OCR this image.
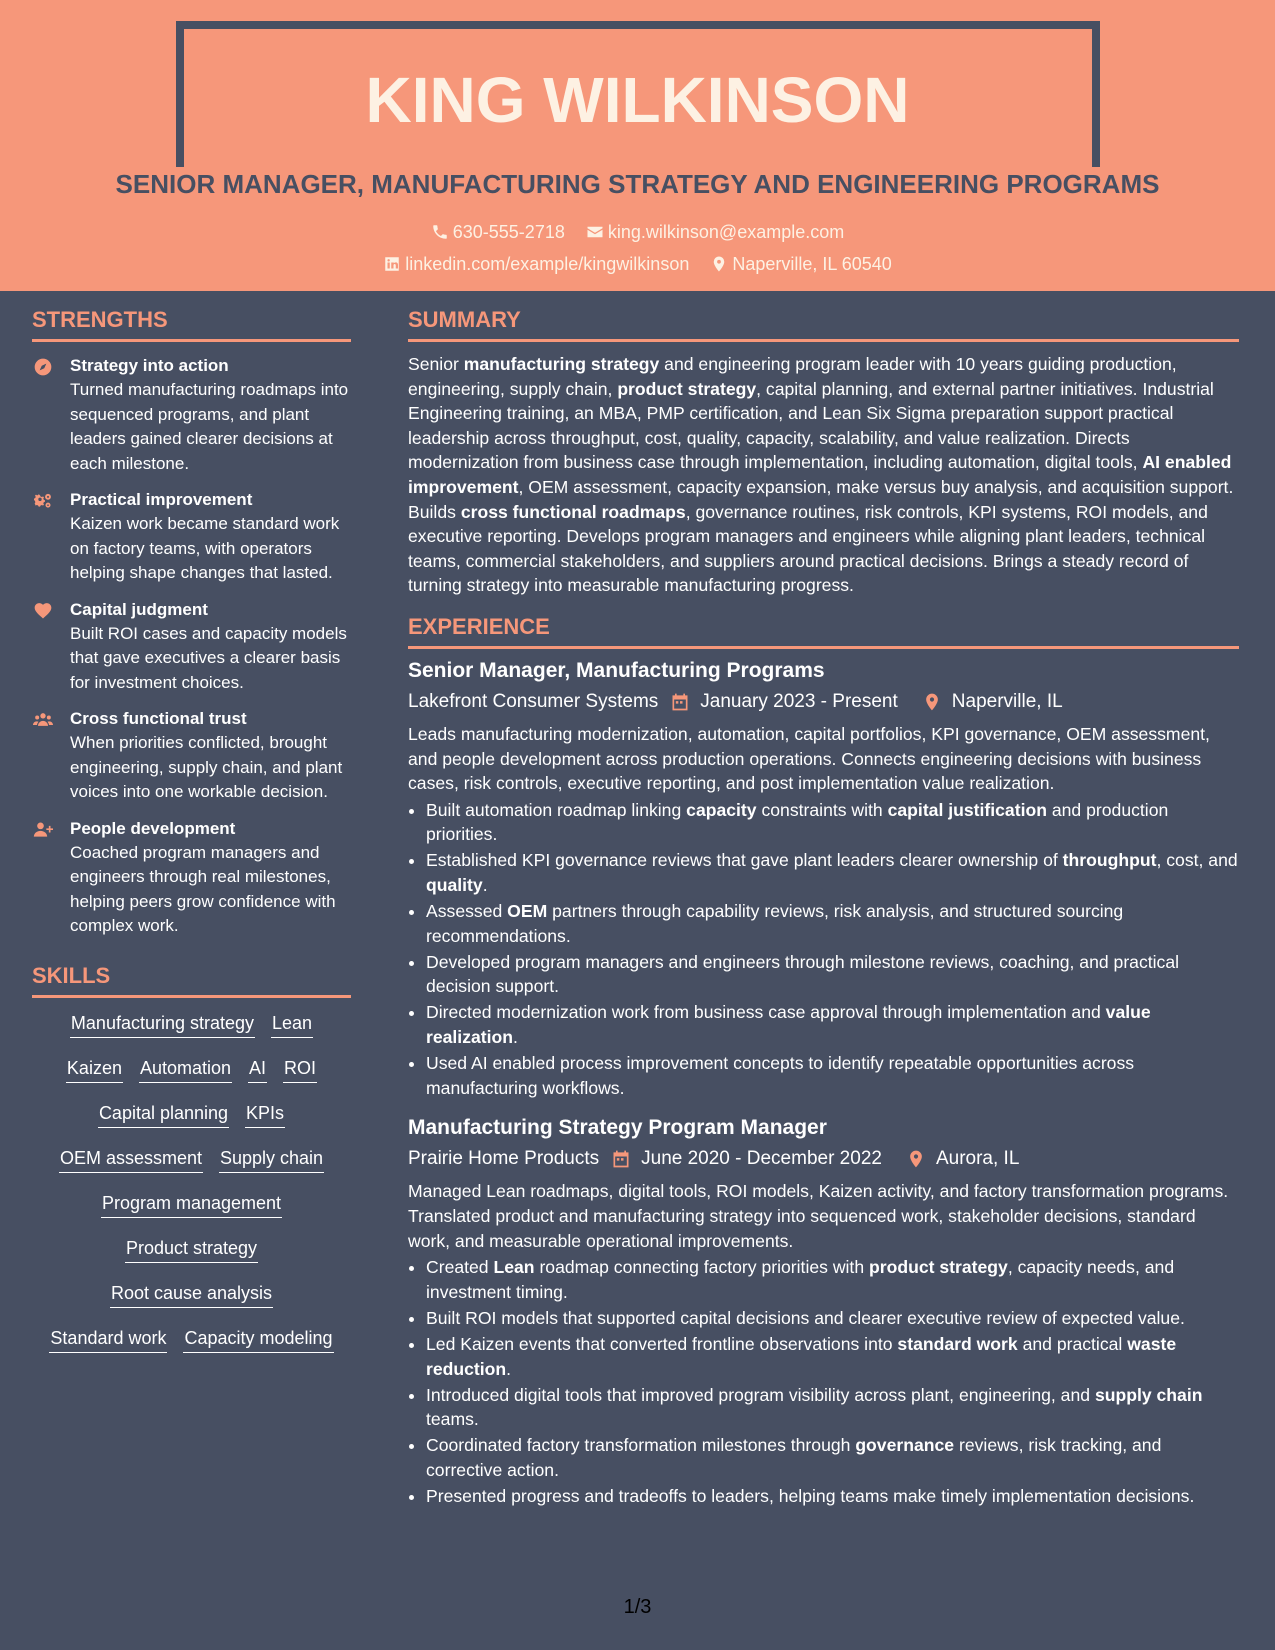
KING WILKINSON
SENIOR MANAGER, MANUFACTURING STRATEGY AND ENGINEERING PROGRAMS
630-555-2718
king.wilkinson@example.com
linkedin.com/example/kingwilkinson
Naperville, IL 60540
STRENGTHS
Strategy into action
Turned manufacturing roadmaps into sequenced programs, and plant leaders gained clearer decisions at each milestone.
Practical improvement
Kaizen work became standard work on factory teams, with operators helping shape changes that lasted.
Capital judgment
Built ROI cases and capacity models that gave executives a clearer basis for investment choices.
Cross functional trust
When priorities conflicted, brought engineering, supply chain, and plant voices into one workable decision.
People development
Coached program managers and engineers through real milestones, helping peers grow confidence with complex work.
SKILLS
Manufacturing strategy Lean
Kaizen Automation AI ROI
Capital planning KPIs
OEM assessment Supply chain
Program management
Product strategy
Root cause analysis
Standard work Capacity modeling
SUMMARY
Senior manufacturing strategy and engineering program leader with 10 years guiding production, engineering, supply chain, product strategy, capital planning, and external partner initiatives. Industrial Engineering training, an MBA, PMP certification, and Lean Six Sigma preparation support practical leadership across throughput, cost, quality, capacity, scalability, and value realization. Directs modernization from business case through implementation, including automation, digital tools, AI enabled improvement, OEM assessment, capacity expansion, make versus buy analysis, and acquisition support. Builds cross functional roadmaps, governance routines, risk controls, KPI systems, ROI models, and executive reporting. Develops program managers and engineers while aligning plant leaders, technical teams, commercial stakeholders, and suppliers around practical decisions. Brings a steady record of turning strategy into measurable manufacturing progress.
EXPERIENCE
Senior Manager, Manufacturing Programs
Lakefront Consumer Systems January 2023 - Present	Naperville, IL
Leads manufacturing modernization, automation, capital portfolios, KPI governance, OEM assessment, and people development across production operations. Connects engineering decisions with business cases, risk controls, executive reporting, and post implementation value realization.
• Built automation roadmap linking capacity constraints with capital justification and production priorities.
• Established KPI governance reviews that gave plant leaders clearer ownership of throughput, cost, and quality.
• Assessed OEM partners through capability reviews, risk analysis, and structured sourcing recommendations.
• Developed program managers and engineers through milestone reviews, coaching, and practical decision support.
• Directed modernization work from business case approval through implementation and value realization.
• Used AI enabled process improvement concepts to identify repeatable opportunities across manufacturing workflows.
Manufacturing Strategy Program Manager
Prairie Home Products June 2020 - December 2022	Aurora, IL
Managed Lean roadmaps, digital tools, ROI models, Kaizen activity, and factory transformation programs. Translated product and manufacturing strategy into sequenced work, stakeholder decisions, standard work, and measurable operational improvements.
• Created Lean roadmap connecting factory priorities with product strategy, capacity needs, and investment timing.
• Built ROI models that supported capital decisions and clearer executive review of expected value.
• Led Kaizen events that converted frontline observations into standard work and practical waste reduction.
• Introduced digital tools that improved program visibility across plant, engineering, and supply chain teams.
• Coordinated factory transformation milestones through governance reviews, risk tracking, and corrective action.
• Presented progress and tradeoffs to leaders, helping teams make timely implementation decisions.
1/3
